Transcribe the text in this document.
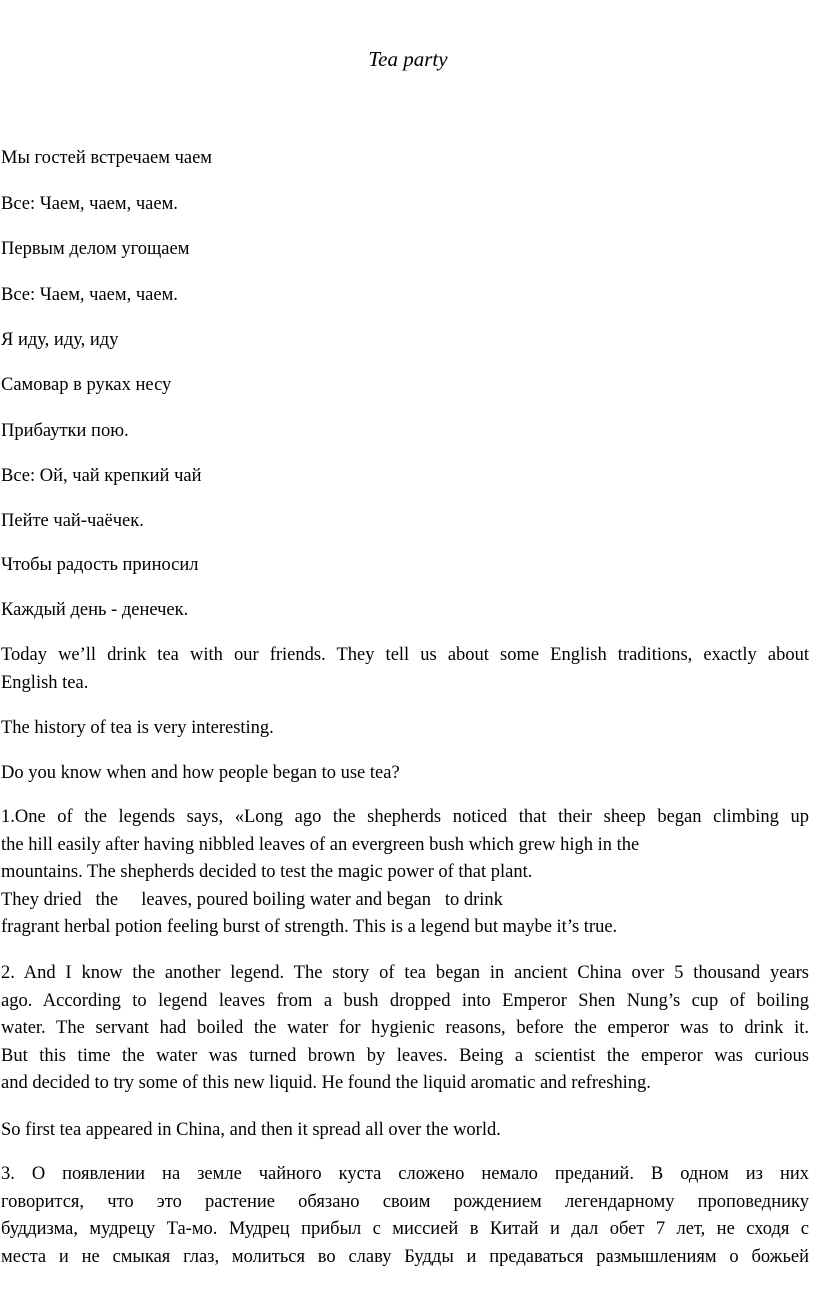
Tea party

Мы гостей встречаем чаем

Все: Чаем, чаем, чаем.

Первым делом угощаем

Все: Чаем, чаем, чаем.

Я иду, иду, иду

Самовар в руках несу

Прибаутки пою.

Все: Ой, чай крепкий чай

Пейте чай-чаёчек.

Чтобы радость приносил

Каждый день - денечек.

Today we’ll drink tea with our friends. They tell us about some English traditions, exactly about
English tea.

The history of tea is very interesting.

Do you know when and how people began to use tea?

1.One of the legends says, «Long ago the shepherds noticed that their sheep began climbing up
the hill easily after having nibbled leaves of an evergreen bush which grew high in the
mountains. The shepherds decided to test the magic power of that plant.
They dried   the     leaves, poured boiling water and began   to drink
fragrant herbal potion feeling burst of strength. This is a legend but maybe it’s true.
2. And I know the another legend. The story of tea began in ancient China over 5 thousand years
ago. According to legend leaves from a bush dropped into Emperor Shen Nung’s cup of boiling
water. The servant had boiled the water for hygienic reasons, before the emperor was to drink it.
But this time the water was turned brown by leaves. Being a scientist the emperor was curious
and decided to try some of this new liquid. He found the liquid aromatic and refreshing.

So first tea appeared in China, and then it spread all over the world.

3. О появлении на земле чайного куста сложено немало преданий. В одном из них
говорится, что это растение обязано своим рождением легендарному проповеднику
буддизма, мудрецу Та-мо. Мудрец прибыл с миссией в Китай и дал обет 7 лет, не сходя с
места и не смыкая глаз, молиться во славу Будды и предаваться размышлениям о божьей
